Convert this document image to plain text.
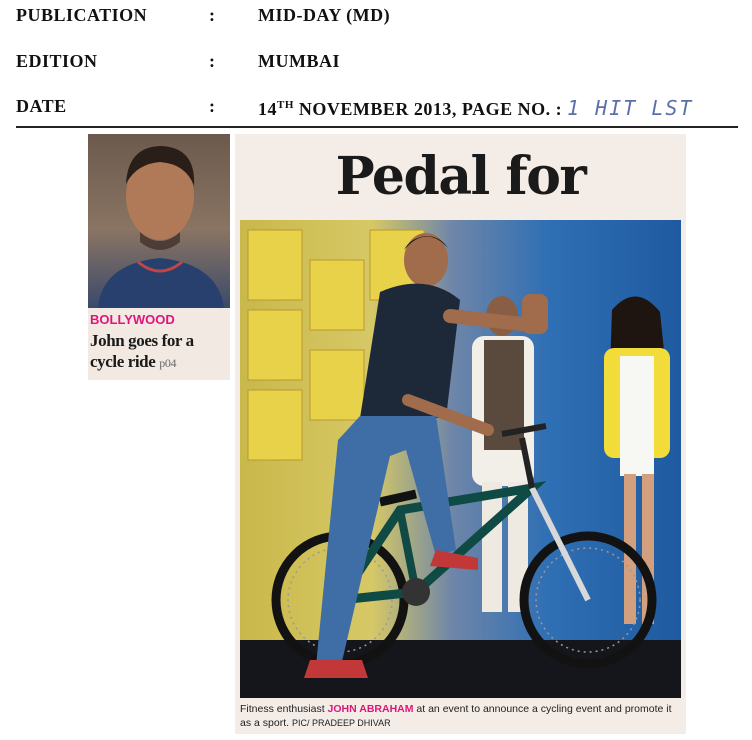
PUBLICATION	: MID-DAY (MD)
EDITION	: MUMBAI
DATE	: 14TH NOVEMBER 2013, PAGE NO. : 1 HIT LST
BOLLYWOOD
John goes for a cycle ride p04
Pedal for
Fitness enthusiast JOHN ABRAHAM at an event to announce a cycling event and promote it as a sport. PIC/ PRADEEP DHIVAR
